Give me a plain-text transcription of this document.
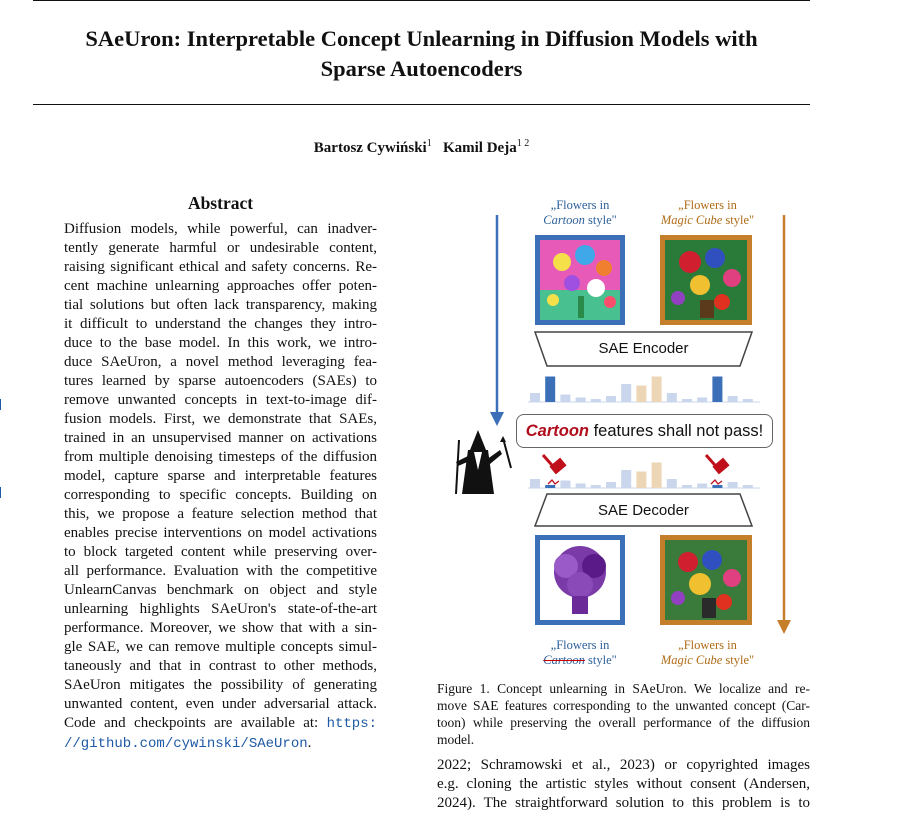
SAeUron: Interpretable Concept Unlearning in Diffusion Models with
Sparse Autoencoders
Bartosz Cywiński$^1$ Kamil Deja$^{1 2}$
Abstract
Diffusion models, while powerful, can inadver-
tently generate harmful or undesirable content,
raising significant ethical and safety concerns. Re-
cent machine unlearning approaches offer poten-
tial solutions but often lack transparency, making
it difficult to understand the changes they intro-
duce to the base model. In this work, we intro-
duce SAeUron, a novel method leveraging fea-
tures learned by sparse autoencoders (SAEs) to
remove unwanted concepts in text-to-image dif-
fusion models. First, we demonstrate that SAEs,
trained in an unsupervised manner on activations
from multiple denoising timesteps of the diffusion
model, capture sparse and interpretable features
corresponding to specific concepts. Building on
this, we propose a feature selection method that
enables precise interventions on model activations
to block targeted content while preserving over-
all performance. Evaluation with the competitive
UnlearnCanvas benchmark on object and style
unlearning highlights SAeUron's state-of-the-art
performance. Moreover, we show that with a sin-
gle SAE, we can remove multiple concepts simul-
taneously and that in contrast to other methods,
SAeUron mitigates the possibility of generating
unwanted content, even under adversarial attack.
Code and checkpoints are available at: https:
//github.com/cywinski/SAeUron.
„Flowers in
Cartoon style"
„Flowers in
Magic Cube style"
SAE Encoder
SAE Decoder
Cartoon features shall not pass!
„Flowers in
Cartoon style"
„Flowers in
Magic Cube style"
Figure 1. Concept unlearning in SAeUron. We localize and re-
move SAE features corresponding to the unwanted concept (Car-
toon) while preserving the overall performance of the diffusion
model.
2022; Schramowski et al., 2023) or copyrighted images
e.g. cloning the artistic styles without consent (Andersen,
2024). The straightforward solution to this problem is to
